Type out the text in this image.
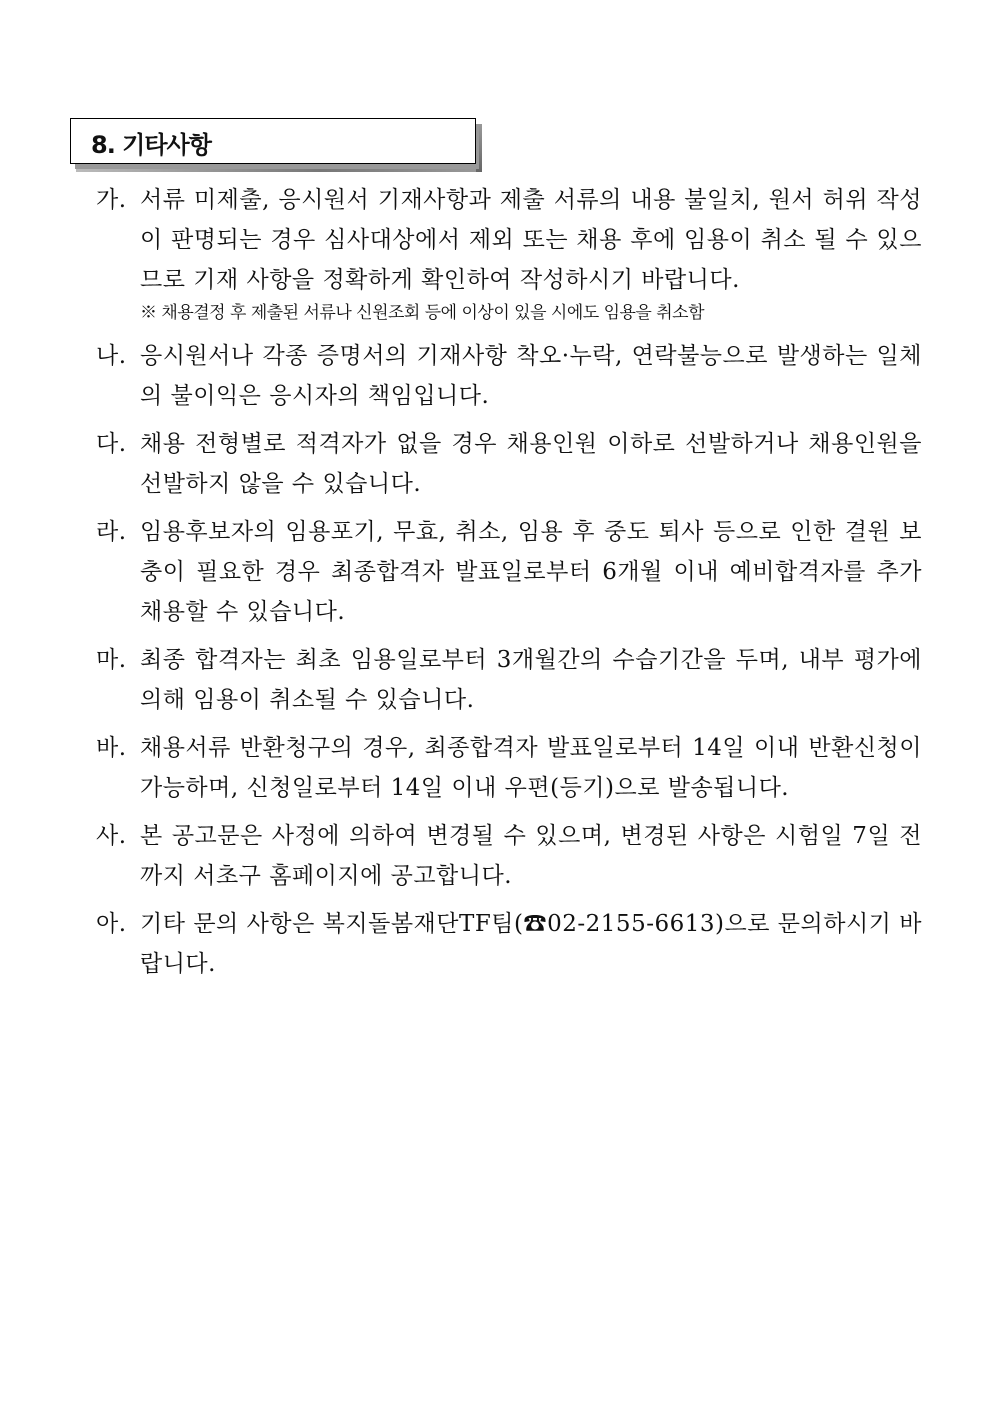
8. 기타사항
가. 서류 미제출, 응시원서 기재사항과 제출 서류의 내용 불일치, 원서 허위 작성이 판명되는 경우 심사대상에서 제외 또는 채용 후에 임용이 취소 될 수 있으므로 기재 사항을 정확하게 확인하여 작성하시기 바랍니다.
※ 채용결정 후 제출된 서류나 신원조회 등에 이상이 있을 시에도 임용을 취소함
나. 응시원서나 각종 증명서의 기재사항 착오·누락, 연락불능으로 발생하는 일체의 불이익은 응시자의 책임입니다.
다. 채용 전형별로 적격자가 없을 경우 채용인원 이하로 선발하거나 채용인원을 선발하지 않을 수 있습니다.
라. 임용후보자의 임용포기, 무효, 취소, 임용 후 중도 퇴사 등으로 인한 결원 보충이 필요한 경우 최종합격자 발표일로부터 6개월 이내 예비합격자를 추가 채용할 수 있습니다.
마. 최종 합격자는 최초 임용일로부터 3개월간의 수습기간을 두며, 내부 평가에 의해 임용이 취소될 수 있습니다.
바. 채용서류 반환청구의 경우, 최종합격자 발표일로부터 14일 이내 반환신청이 가능하며, 신청일로부터 14일 이내 우편(등기)으로 발송됩니다.
사. 본 공고문은 사정에 의하여 변경될 수 있으며, 변경된 사항은 시험일 7일 전까지 서초구 홈페이지에 공고합니다.
아. 기타 문의 사항은 복지돌봄재단TF팀(☎02-2155-6613)으로 문의하시기 바랍니다.
